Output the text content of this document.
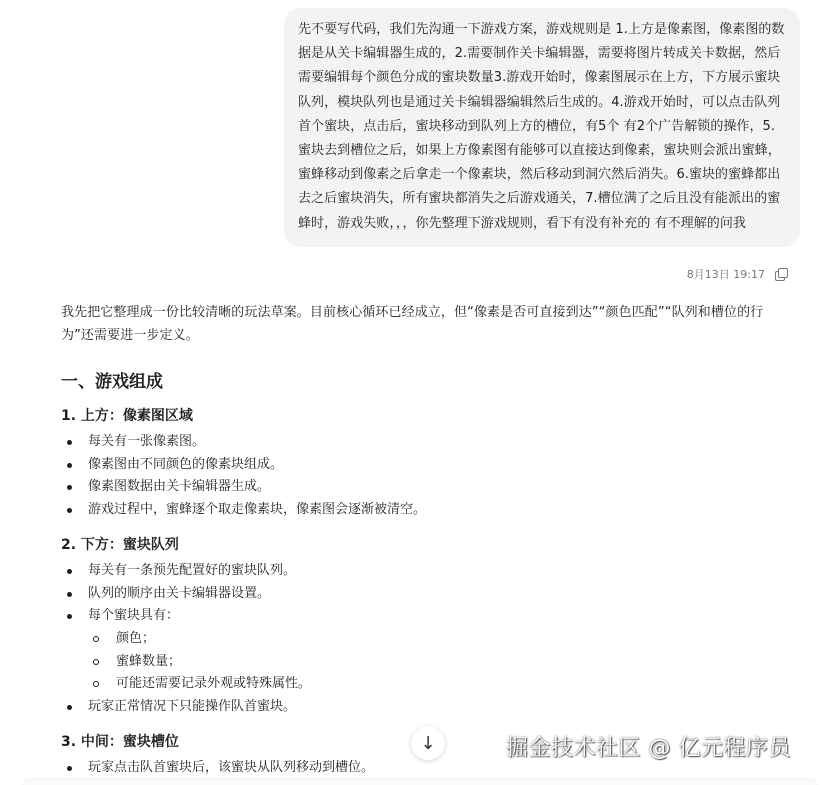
先不要写代码，我们先沟通一下游戏方案，游戏规则是 1.上方是像素图，像素图的数据是从关卡编辑器生成的，2.需要制作关卡编辑器，需要将图片转成关卡数据，然后需要编辑每个颜色分成的蜜块数量3.游戏开始时，像素图展示在上方，下方展示蜜块队列，模块队列也是通过关卡编辑器编辑然后生成的。4.游戏开始时，可以点击队列首个蜜块，点击后，蜜块移动到队列上方的槽位，有5个 有2个广告解锁的操作，5.蜜块去到槽位之后，如果上方像素图有能够可以直接达到像素，蜜块则会派出蜜蜂，蜜蜂移动到像素之后拿走一个像素块，然后移动到洞穴然后消失。6.蜜块的蜜蜂都出去之后蜜块消失，所有蜜块都消失之后游戏通关，7.槽位满了之后且没有能派出的蜜蜂时，游戏失败，，，你先整理下游戏规则，看下有没有补充的 有不理解的问我
8月13日 19:17

我先把它整理成一份比较清晰的玩法草案。目前核心循环已经成立，但“像素是否可直接到达”“颜色匹配”“队列和槽位的行为”还需要进一步定义。

一、游戏组成
1. 上方：像素图区域
每关有一张像素图。
像素图由不同颜色的像素块组成。
像素图数据由关卡编辑器生成。
游戏过程中，蜜蜂逐个取走像素块，像素图会逐渐被清空。
2. 下方：蜜块队列
每关有一条预先配置好的蜜块队列。
队列的顺序由关卡编辑器设置。
每个蜜块具有：
颜色；
蜜蜂数量；
可能还需要记录外观或特殊属性。
玩家正常情况下只能操作队首蜜块。
3. 中间：蜜块槽位
玩家点击队首蜜块后，该蜜块从队列移动到槽位。
↓	掘金技术社区 @ 亿元程序员
